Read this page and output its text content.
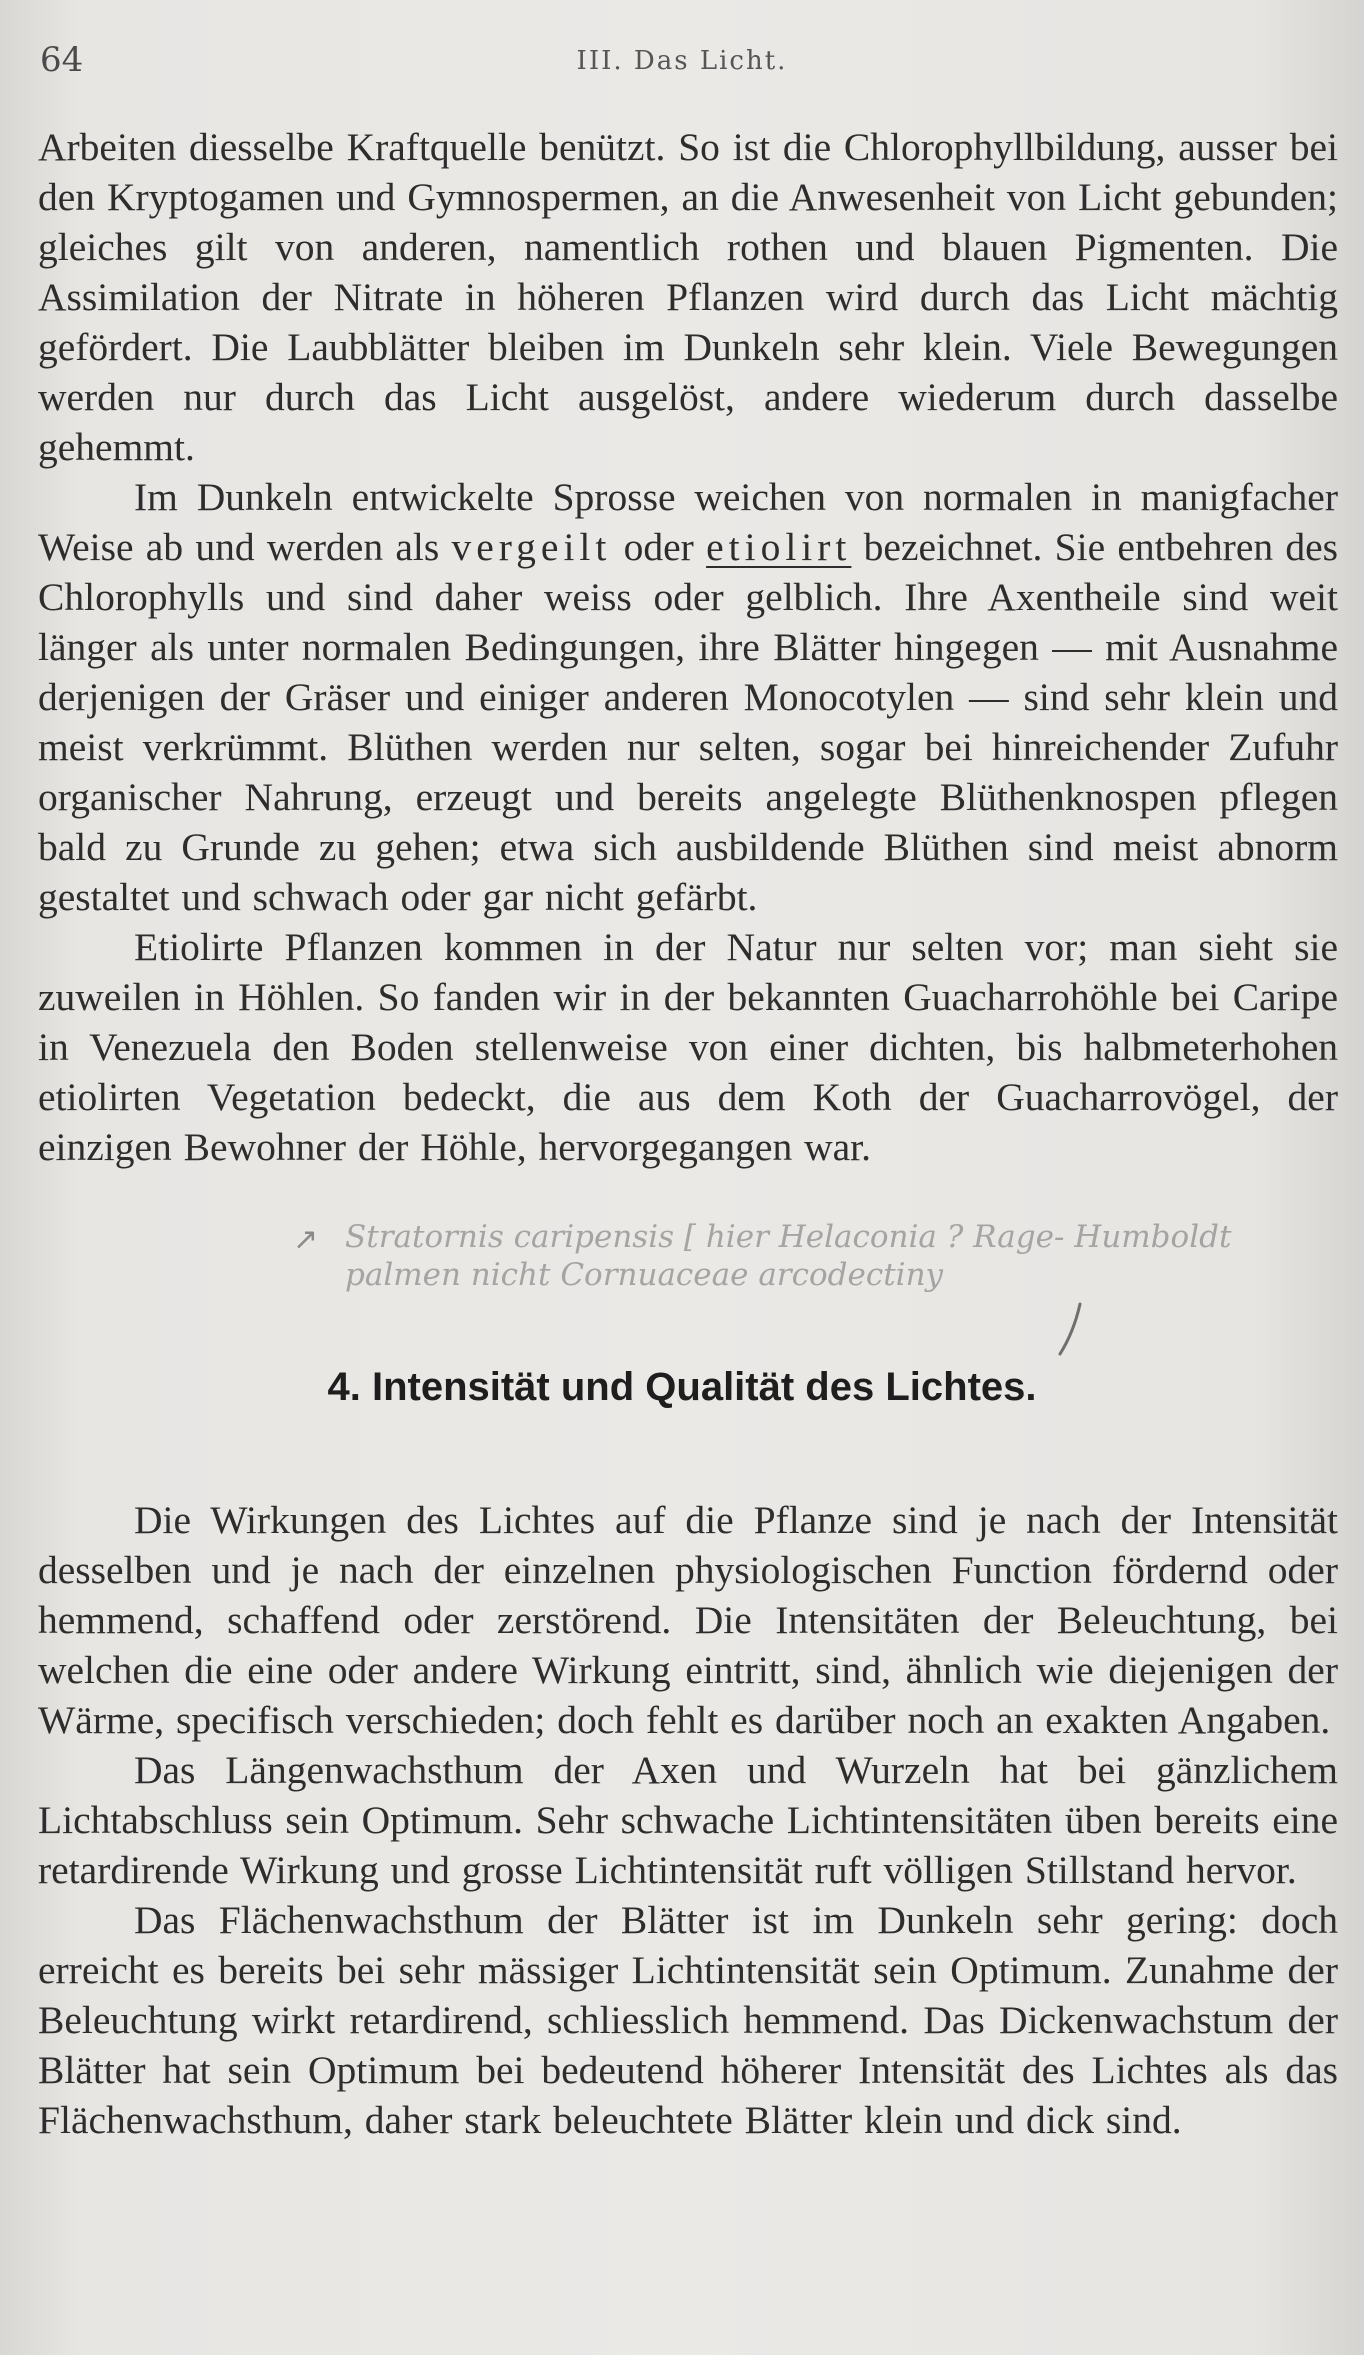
64	III. Das Licht.

Arbeiten diesselbe Kraftquelle benützt. So ist die Chlorophyllbildung, ausser bei den Kryptogamen und Gymnospermen, an die Anwesenheit von Licht gebunden; gleiches gilt von anderen, namentlich rothen und blauen Pigmenten. Die Assimilation der Nitrate in höheren Pflanzen wird durch das Licht mächtig gefördert. Die Laubblätter bleiben im Dunkeln sehr klein. Viele Bewegungen werden nur durch das Licht ausgelöst, andere wiederum durch dasselbe gehemmt.

Im Dunkeln entwickelte Sprosse weichen von normalen in manigfacher Weise ab und werden als vergeilt oder etiolirt bezeichnet. Sie entbehren des Chlorophylls und sind daher weiss oder gelblich. Ihre Axentheile sind weit länger als unter normalen Bedingungen, ihre Blätter hingegen — mit Ausnahme derjenigen der Gräser und einiger anderen Monocotylen — sind sehr klein und meist verkrümmt. Blüthen werden nur selten, sogar bei hinreichender Zufuhr organischer Nahrung, erzeugt und bereits angelegte Blüthenknospen pflegen bald zu Grunde zu gehen; etwa sich ausbildende Blüthen sind meist abnorm gestaltet und schwach oder gar nicht gefärbt.

Etiolirte Pflanzen kommen in der Natur nur selten vor; man sieht sie zuweilen in Höhlen. So fanden wir in der bekannten Guacharrohöhle bei Caripe in Venezuela den Boden stellenweise von einer dichten, bis halbmeterhohen etiolirten Vegetation bedeckt, die aus dem Koth der Guacharrovögel, der einzigen Bewohner der Höhle, hervorgegangen war.

↗ Stratornis caripensis [ hier Helaconia ? Rage- Humboldt palmen nicht Cornuaceae arcodectiny
4. Intensität und Qualität des Lichtes.

Die Wirkungen des Lichtes auf die Pflanze sind je nach der Intensität desselben und je nach der einzelnen physiologischen Function fördernd oder hemmend, schaffend oder zerstörend. Die Intensitäten der Beleuchtung, bei welchen die eine oder andere Wirkung eintritt, sind, ähnlich wie diejenigen der Wärme, specifisch verschieden; doch fehlt es darüber noch an exakten Angaben.

Das Längenwachsthum der Axen und Wurzeln hat bei gänzlichem Lichtabschluss sein Optimum. Sehr schwache Lichtintensitäten üben bereits eine retardirende Wirkung und grosse Lichtintensität ruft völligen Stillstand hervor.

Das Flächenwachsthum der Blätter ist im Dunkeln sehr gering: doch erreicht es bereits bei sehr mässiger Lichtintensität sein Optimum. Zunahme der Beleuchtung wirkt retardirend, schliesslich hemmend. Das Dickenwachstum der Blätter hat sein Optimum bei bedeutend höherer Intensität des Lichtes als das Flächenwachsthum, daher stark beleuchtete Blätter klein und dick sind.
